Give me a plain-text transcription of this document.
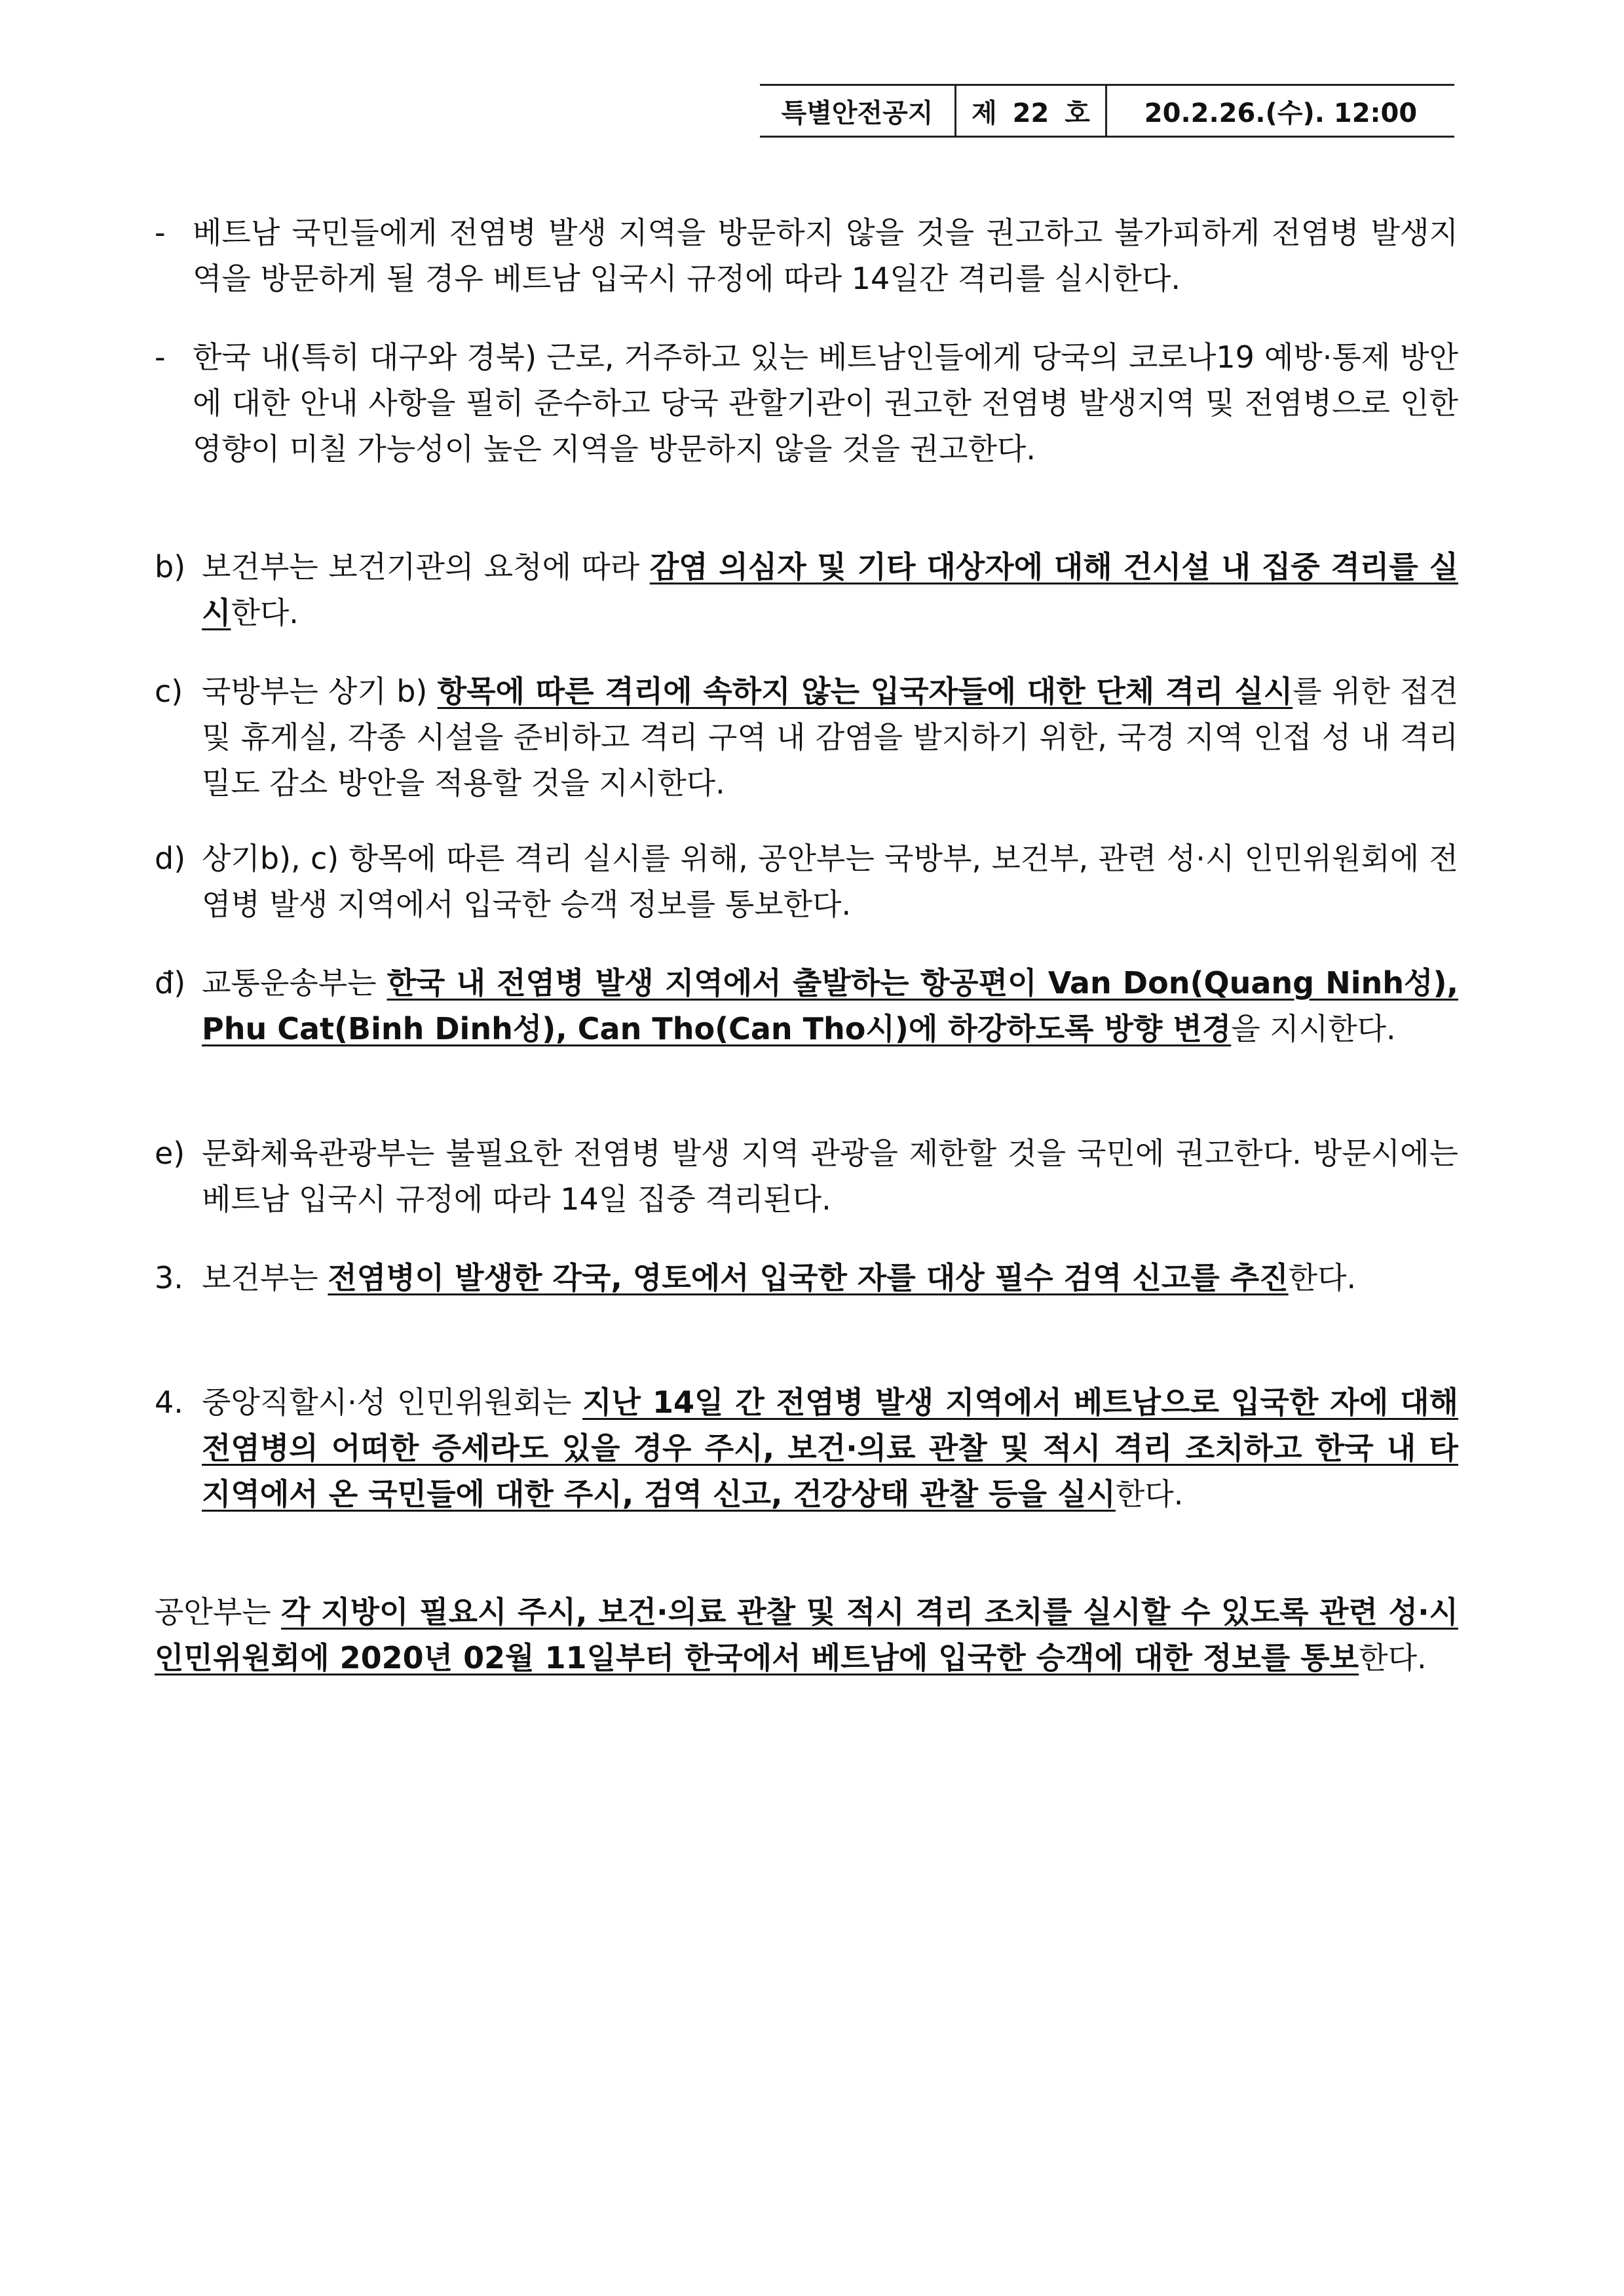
특별안전공지	제 22 호	20.2.26.(수). 12:00
- 베트남 국민들에게 전염병 발생 지역을 방문하지 않을 것을 권고하고 불가피하게 전염병 발생지역을 방문하게 될 경우 베트남 입국시 규정에 따라 14일간 격리를 실시한다.
- 한국 내(특히 대구와 경북) 근로, 거주하고 있는 베트남인들에게 당국의 코로나19 예방·통제 방안에 대한 안내 사항을 필히 준수하고 당국 관할기관이 권고한 전염병 발생지역 및 전염병으로 인한 영향이 미칠 가능성이 높은 지역을 방문하지 않을 것을 권고한다.
b) 보건부는 보건기관의 요청에 따라 감염 의심자 및 기타 대상자에 대해 건시설 내 집중 격리를 실시한다.
c) 국방부는 상기 b) 항목에 따른 격리에 속하지 않는 입국자들에 대한 단체 격리 실시를 위한 접견 및 휴게실, 각종 시설을 준비하고 격리 구역 내 감염을 발지하기 위한, 국경 지역 인접 성 내 격리 밀도 감소 방안을 적용할 것을 지시한다.
d) 상기b), c) 항목에 따른 격리 실시를 위해, 공안부는 국방부, 보건부, 관련 성·시 인민위원회에 전염병 발생 지역에서 입국한 승객 정보를 통보한다.
đ) 교통운송부는 한국 내 전염병 발생 지역에서 출발하는 항공편이 Van Don(Quang Ninh성), Phu Cat(Binh Dinh성), Can Tho(Can Tho시)에 하강하도록 방향 변경을 지시한다.
e) 문화체육관광부는 불필요한 전염병 발생 지역 관광을 제한할 것을 국민에 권고한다. 방문시에는 베트남 입국시 규정에 따라 14일 집중 격리된다.
3. 보건부는 전염병이 발생한 각국, 영토에서 입국한 자를 대상 필수 검역 신고를 추진한다.
4. 중앙직할시·성 인민위원회는 지난 14일 간 전염병 발생 지역에서 베트남으로 입국한 자에 대해 전염병의 어떠한 증세라도 있을 경우 주시, 보건·의료 관찰 및 적시 격리 조치하고 한국 내 타 지역에서 온 국민들에 대한 주시, 검역 신고, 건강상태 관찰 등을 실시한다.
공안부는 각 지방이 필요시 주시, 보건·의료 관찰 및 적시 격리 조치를 실시할 수 있도록 관련 성·시 인민위원회에 2020년 02월 11일부터 한국에서 베트남에 입국한 승객에 대한 정보를 통보한다.
